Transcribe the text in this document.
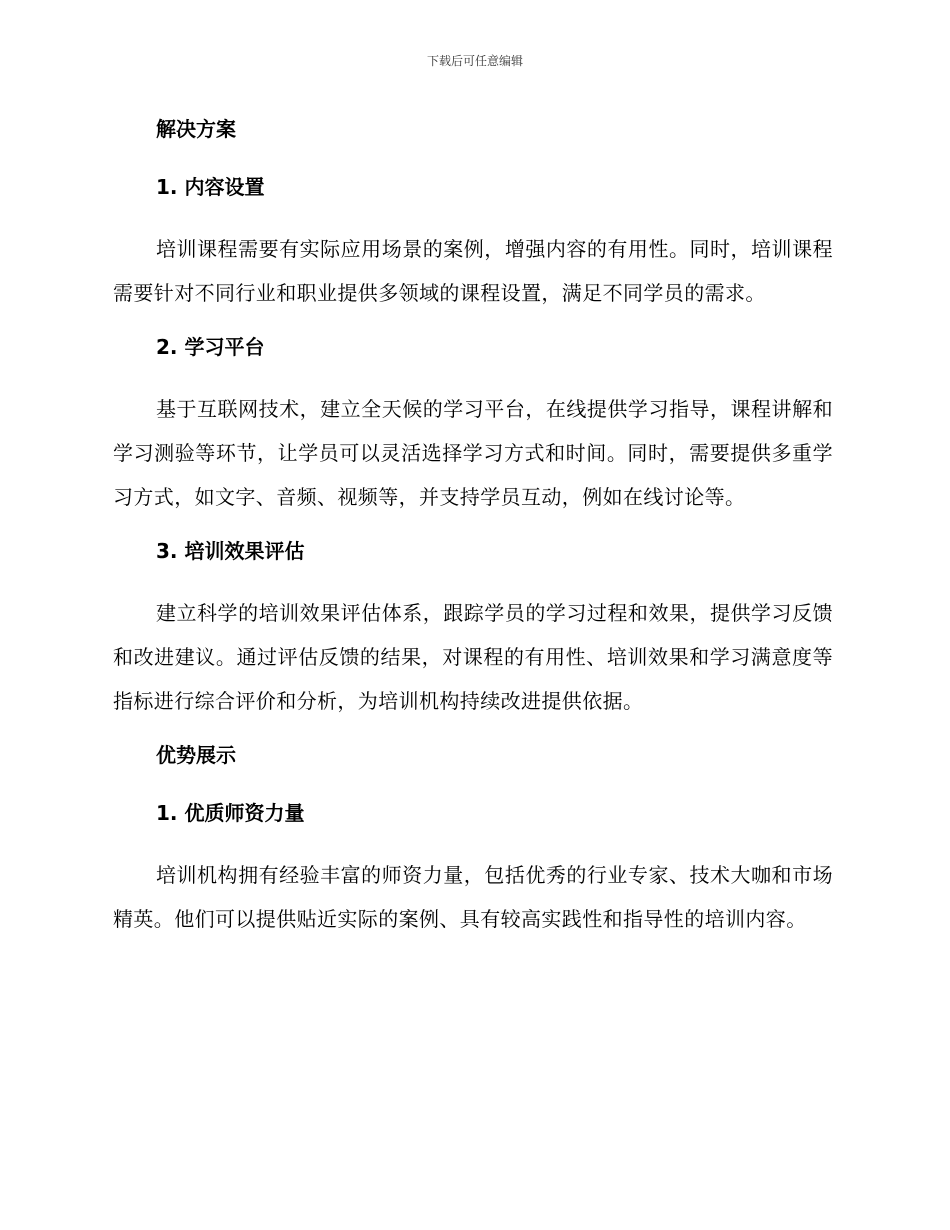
下载后可任意编辑
解决方案
1. 内容设置

培训课程需要有实际应用场景的案例，增强内容的有用性。同时，培训课程需要针对不同行业和职业提供多领域的课程设置，满足不同学员的需求。

2. 学习平台

基于互联网技术，建立全天候的学习平台，在线提供学习指导，课程讲解和学习测验等环节，让学员可以灵活选择学习方式和时间。同时，需要提供多重学习方式，如文字、音频、视频等，并支持学员互动，例如在线讨论等。

3. 培训效果评估

建立科学的培训效果评估体系，跟踪学员的学习过程和效果，提供学习反馈和改进建议。通过评估反馈的结果，对课程的有用性、培训效果和学习满意度等指标进行综合评价和分析，为培训机构持续改进提供依据。

优势展示
1. 优质师资力量

培训机构拥有经验丰富的师资力量，包括优秀的行业专家、技术大咖和市场精英。他们可以提供贴近实际的案例、具有较高实践性和指导性的培训内容。
